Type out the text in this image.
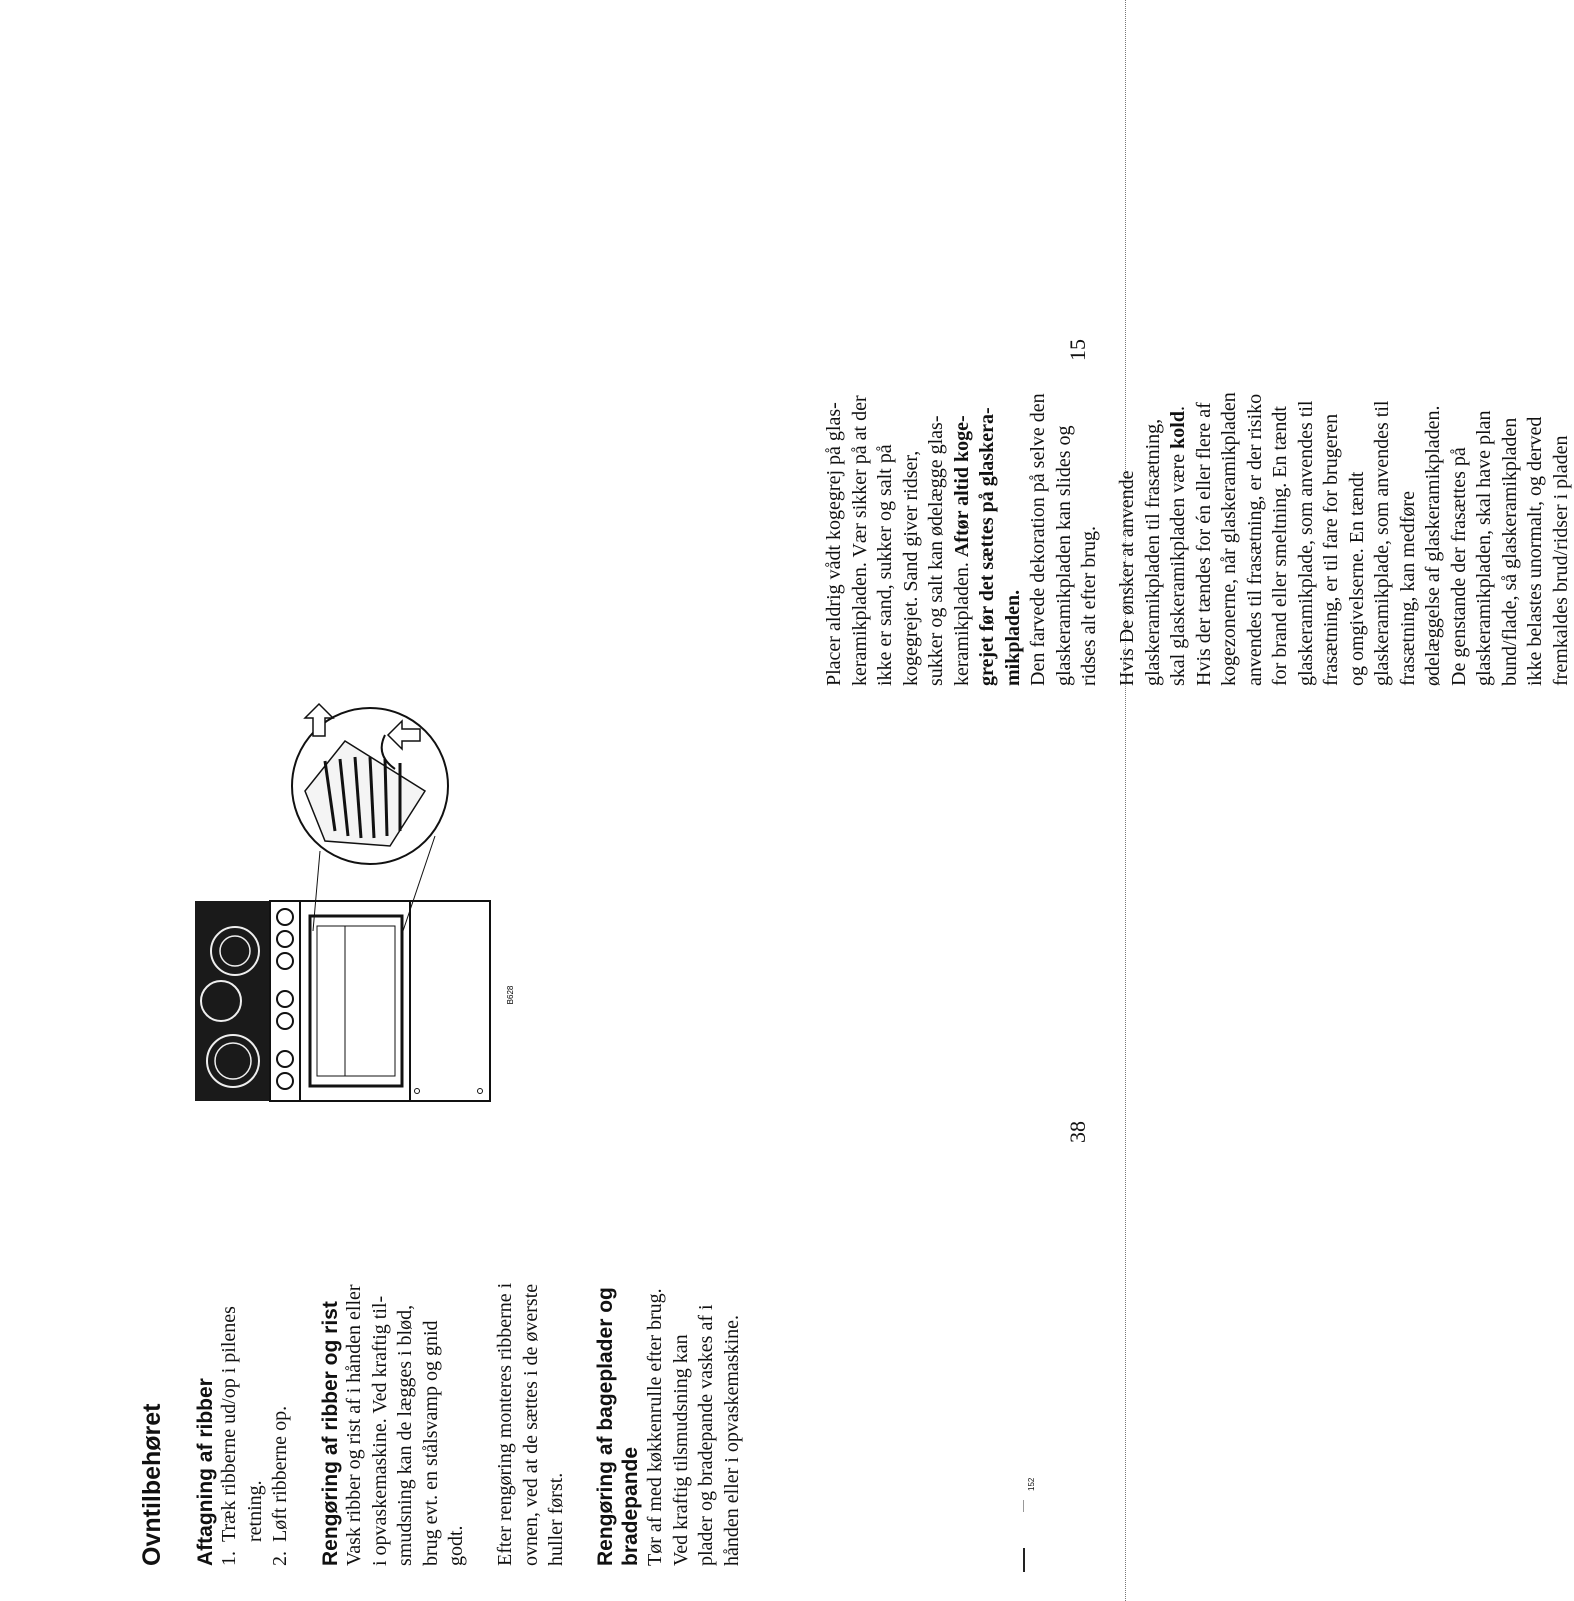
Ovntilbehøret Aftagning af ribber 1.Træk ribberne ud/op i pilenes retning.
2.Løft ribberne op. Rengøring af ribber og rist Vask ribber og rist af i hånden eller i opvaskemaskine. Ved kraftig til- smudsning kan de lægges i blød, brug evt. en stålsvamp og gnid godt. Efter rengøring monteres ribberne i ovnen, ved at de sættes i de øverste huller først. Rengøring af bageplader og bradepande Tør af med køkkenrulle efter brug. Ved kraftig tilsmudsning kan plader og bradepande vaskes af i hånden eller i opvaskemaskine.
B628
Placer aldrig vådt kogegrej på glas- keramikpladen. Vær sikker på at der ikke er sand, sukker og salt på kogegrejet. Sand giver ridser, sukker og salt kan ødelægge glas- keramikpladen. Aftør altid koge- grejet før det sættes på glaskera- mikpladen. Den farvede dekoration på selve den glaskeramikpladen kan slides og ridses alt efter brug. Hvis De ønsker at anvende glaskeramikpladen til frasætning, skal glaskeramikpladen være kold. Hvis der tændes for én eller flere af kogezonerne, når glaskeramikpladen anvendes til frasætning, er der risiko for brand eller smeltning. En tændt glaskeramikplade, som anvendes til frasætning, er til fare for brugeren og omgivelserne. En tændt glaskeramikplade, som anvendes til frasætning, kan medføre ødelæggelse af glaskeramikpladen. De genstande der frasættes på glaskeramikpladen, skal have plan bund/flade, så glaskeramikpladen ikke belastes unormalt, og derved fremkaldes brud/ridser i pladen
38
15
152
